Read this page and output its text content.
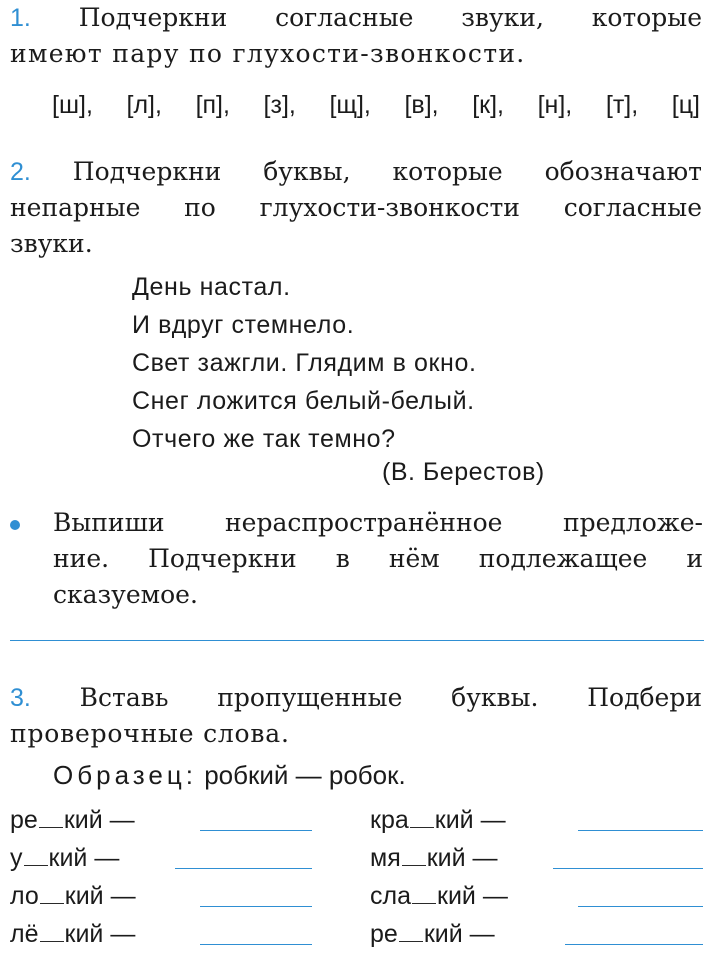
1. Подчеркни согласные звуки, которые
имеют пару по глухости-звонкости.
[ш], [л], [п], [з], [щ], [в], [к], [н], [т], [ц]
2. Подчеркни буквы, которые обозначают
непарные по глухости-звонкости согласные
звуки.
День настал.
И вдруг стемнело.
Свет зажгли. Глядим в окно.
Снег ложится белый-белый.
Отчего же так темно?
(В. Берестов)
Выпиши нераспространённое предложе-
ние. Подчеркни в нём подлежащее и
сказуемое.
3. Вставь пропущенные буквы. Подбери
проверочные слова.
Образец: робкий — робок.
ре кий —
у кий —
ло кий —
лё кий —
кра кий —
мя кий —
сла кий —
ре кий —
